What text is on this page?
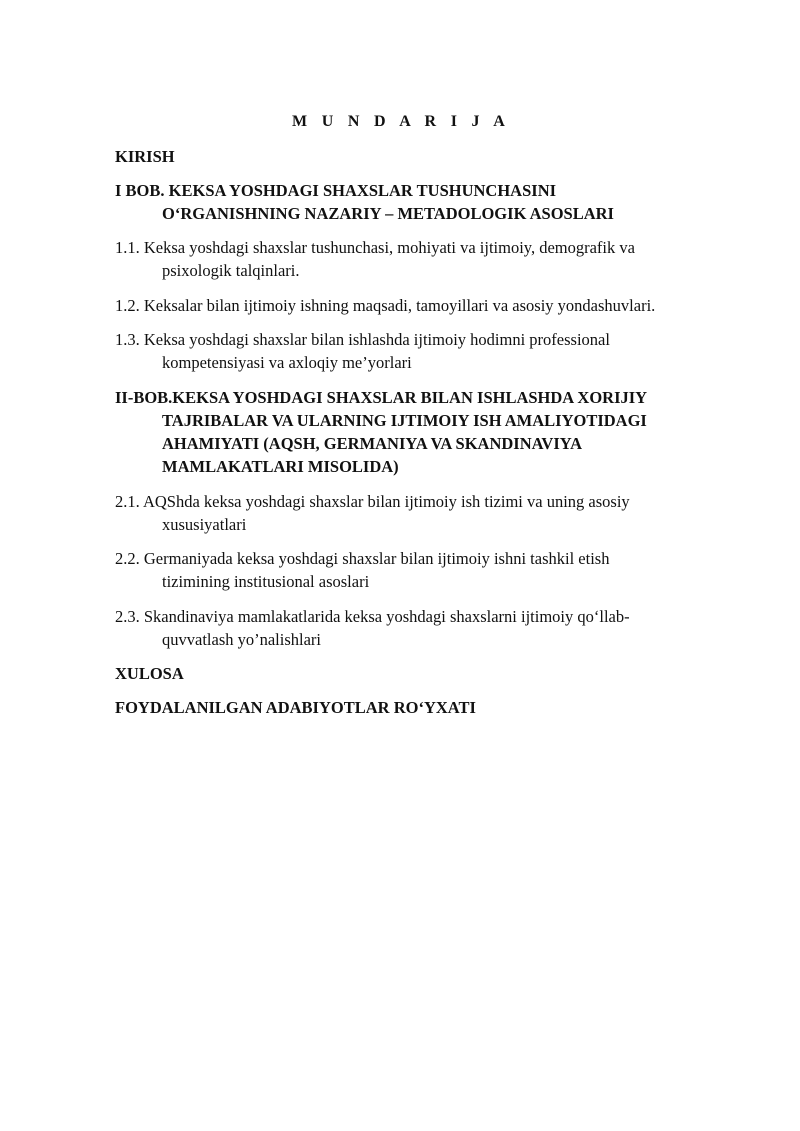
M U N D A R I J A
KIRISH
I BOB. KEKSA YOSHDAGI SHAXSLAR TUSHUNCHASINI
O‘RGANISHNING NAZARIY – METADOLOGIK ASOSLARI
1.1. Keksa yoshdagi shaxslar tushunchasi, mohiyati va ijtimoiy, demografik va
psixologik talqinlari.
1.2. Keksalar bilan ijtimoiy ishning maqsadi, tamoyillari va asosiy yondashuvlari.
1.3. Keksa yoshdagi shaxslar bilan ishlashda ijtimoiy hodimni professional
kompetensiyasi va axloqiy me’yorlari
II-BOB.KEKSA YOSHDAGI SHAXSLAR BILAN ISHLASHDA XORIJIY
TAJRIBALAR VA ULARNING IJTIMOIY ISH AMALIYOTIDAGI
AHAMIYATI (AQSH, GERMANIYA VA SKANDINAVIYA
MAMLAKATLARI MISOLIDA)
2.1. AQShda keksa yoshdagi shaxslar bilan ijtimoiy ish tizimi va uning asosiy
xususiyatlari
2.2. Germaniyada keksa yoshdagi shaxslar bilan ijtimoiy ishni tashkil etish
tizimining institusional asoslari
2.3. Skandinaviya mamlakatlarida keksa yoshdagi shaxslarni ijtimoiy qo‘llab-
quvvatlash yo’nalishlari
XULOSA
FOYDALANILGAN ADABIYOTLAR RO‘YXATI
